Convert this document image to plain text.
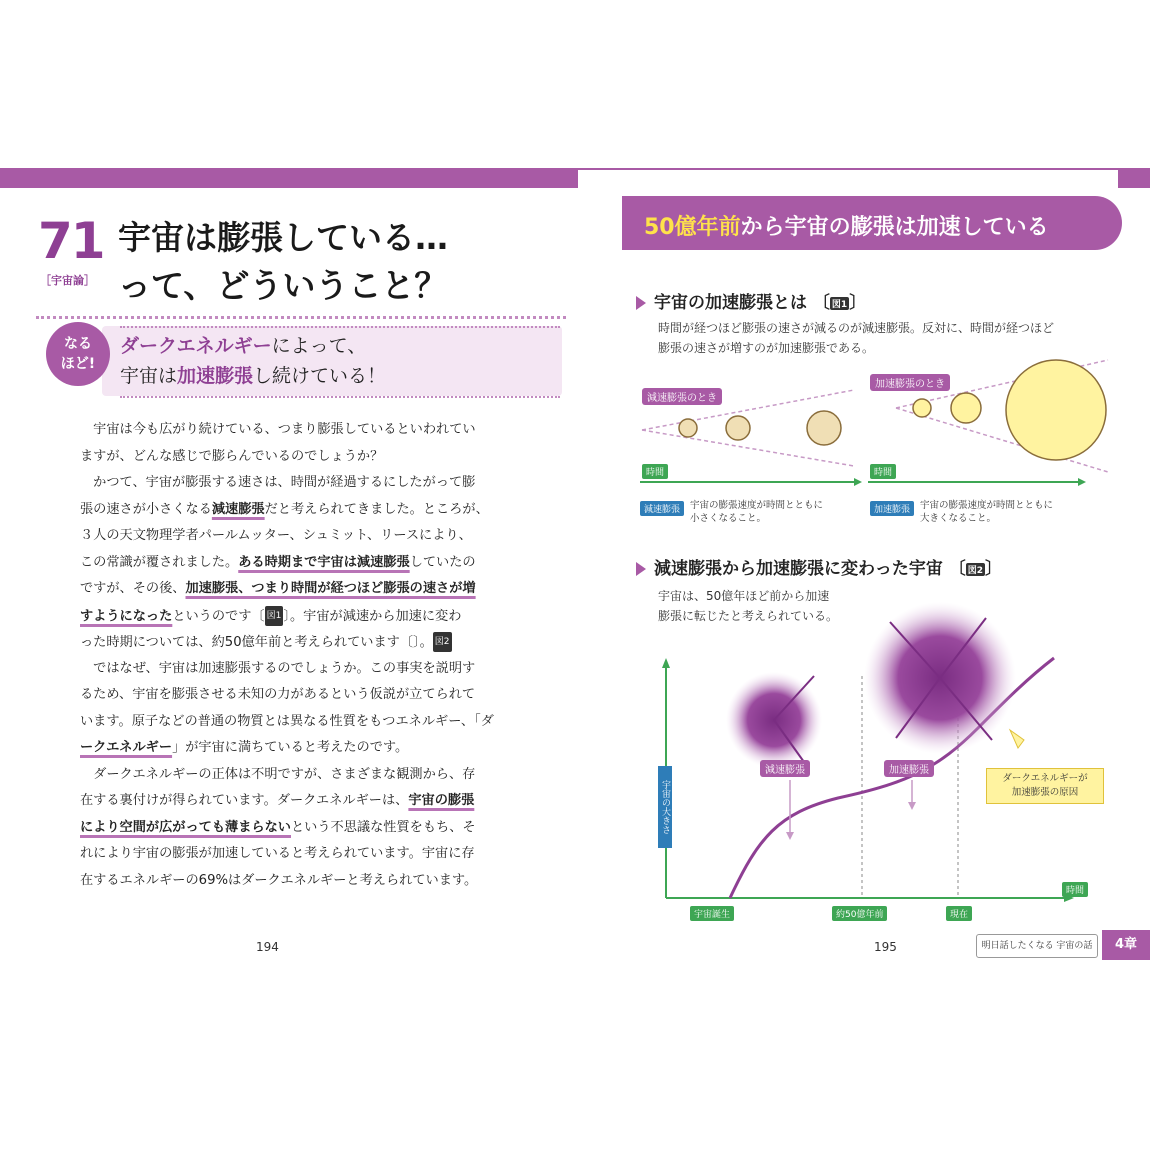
71
［宇宙論］
宇宙は膨張している…
って、どういうこと？
なる
ほど!
ダークエネルギーによって、
宇宙は加速膨張し続けている！
　宇宙は今も広がり続けている、つまり膨張しているといわれてい
ますが、どんな感じで膨らんでいるのでしょうか？
　かつて、宇宙が膨張する速さは、時間が経過するにしたがって膨
張の速さが小さくなる減速膨張だと考えられてきました。ところが、
３人の天文物理学者パールムッター、シュミット、リースにより、
この常識が覆されました。ある時期まで宇宙は減速膨張していたの
ですが、その後、加速膨張、つまり時間が経つほど膨張の速さが増
すようになったというのです〔 図1 〕。宇宙が減速から加速に変わ
った時期については、約50億年前と考えられています〔〕。 図2
　ではなぜ、宇宙は加速膨張するのでしょうか。この事実を説明す
るため、宇宙を膨張させる未知の力があるという仮説が立てられて
います。原子などの普通の物質とは異なる性質をもつエネルギー、「ダ
ークエネルギー」が宇宙に満ちていると考えたのです。
　ダークエネルギーの正体は不明ですが、さまざまな観測から、存
在する裏付けが得られています。ダークエネルギーは、宇宙の膨張
により空間が広がっても薄まらないという不思議な性質をもち、そ
れにより宇宙の膨張が加速していると考えられています。宇宙に存
在するエネルギーの69%はダークエネルギーと考えられています。
194
50億年前から宇宙の膨張は加速している
宇宙の加速膨張とは 〔 図1 〕
時間が経つほど膨張の速さが減るのが減速膨張。反対に、時間が経つほど
膨張の速さが増すのが加速膨張である。
減速膨張のとき
加速膨張のとき
時間	時間
減速膨張	宇宙の膨張速度が時間とともに
小さくなること。
加速膨張	宇宙の膨張速度が時間とともに
大きくなること。
減速膨張から加速膨張に変わった宇宙 〔 図2 〕
宇宙は、50億年ほど前から加速
膨張に転じたと考えられている。
宇宙の大きさ
時間
宇宙誕生	約50億年前	現在
減速膨張	加速膨張
ダークエネルギーが
加速膨張の原因
195	明日話したくなる 宇宙の話	4章
